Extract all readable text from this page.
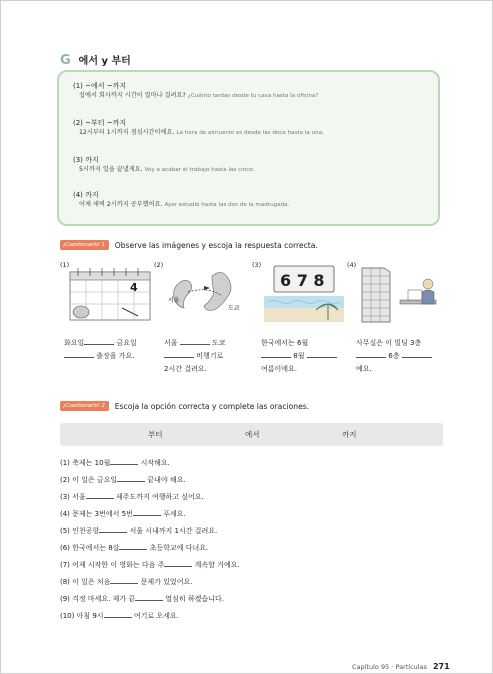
G 에서 y 부터
(1) ~에서 ~까지
집에서 회사까지 시간이 얼마나 걸려요? ¿Cuánto tardas desde tu casa hasta la oficina?
(2) ~부터 ~까지
12시부터 1시까지 점심시간이에요. La hora de almuerzo es desde las doce hasta la una.
(3) 까지
5시까지 일을 끝낼게요. Voy a acabar el trabajo hasta las cinco.
(4) 까지
어제 새벽 2시까지 공부했어요. Ayer estudié hasta las dos de la madrugada.
¡Cuestionarlo! 1	Observe las imágenes y escoja la respuesta correcta.
(1)	(2)	(3)	(4)
4
서울
도쿄
6 7 8
화요일	금요일
출장을 가요.
서울	도쿄
비행기로
2시간 걸려요.
한국에서는 6월
8월
여름이에요.
사무실은 이 빌딩 3층
6층
예요.
¡Cuestionarlo! 2	Escoja la opción correcta y complete las oraciones.
부터	에서	까지
(1) 축제는 10월	시작해요.
(2) 이 일은 금요일	끝내야 해요.
(3) 서울	제주도까지 여행하고 싶어요.
(4) 문제는 3번에서 5번	푸세요.
(5) 인천공항	서울 시내까지 1시간 걸려요.
(6) 한국에서는 8살	초등학교에 다녀요.
(7) 어제 시작한 이 영화는 다음 주	계속할 거예요.
(8) 이 일은 처음	문제가 있었어요.
(9) 걱정 마세요. 제가 끝	열심히 하겠습니다.
(10) 아침 9시	여기로 오세요.
Capítulo 95 · Partículas 271
